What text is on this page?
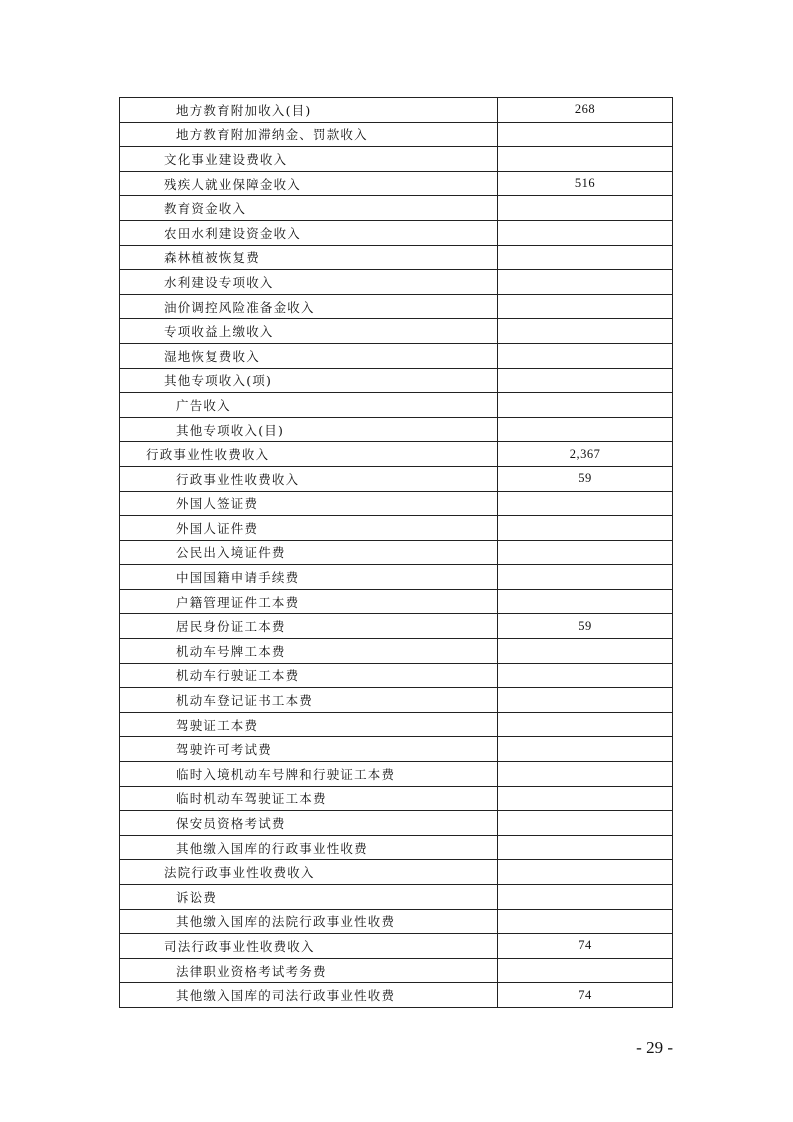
地方教育附加收入(目)	268
地方教育附加滞纳金、罚款收入	
文化事业建设费收入	
残疾人就业保障金收入	516
教育资金收入	
农田水利建设资金收入	
森林植被恢复费	
水利建设专项收入	
油价调控风险准备金收入	
专项收益上缴收入	
湿地恢复费收入	
其他专项收入(项)	
广告收入	
其他专项收入(目)	
行政事业性收费收入	2,367
行政事业性收费收入	59
外国人签证费	
外国人证件费	
公民出入境证件费	
中国国籍申请手续费	
户籍管理证件工本费	
居民身份证工本费	59
机动车号牌工本费	
机动车行驶证工本费	
机动车登记证书工本费	
驾驶证工本费	
驾驶许可考试费	
临时入境机动车号牌和行驶证工本费	
临时机动车驾驶证工本费	
保安员资格考试费	
其他缴入国库的行政事业性收费	
法院行政事业性收费收入	
诉讼费	
其他缴入国库的法院行政事业性收费	
司法行政事业性收费收入	74
法律职业资格考试考务费	
其他缴入国库的司法行政事业性收费	74
- 29 -
